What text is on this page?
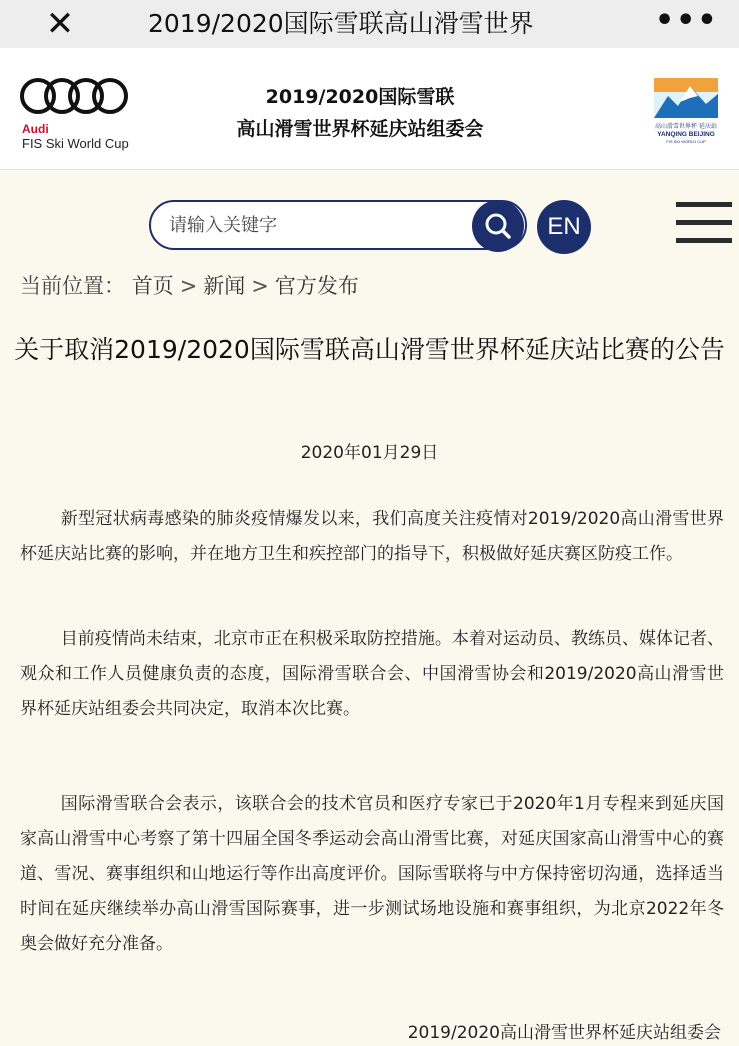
✕	2019/2020国际雪联高山滑雪世界	•••
Audi
FIS Ski World Cup
2019/2020国际雪联
高山滑雪世界杯延庆站组委会	高山滑雪世界杯 延庆站
YANQING BEIJING
FIS SKI WORLD CUP
请输入关键字
EN
当前位置： 首页 > 新闻 > 官方发布
关于取消2019/2020国际雪联高山滑雪世界杯延庆站比赛的公告
2020年01月29日

新型冠状病毒感染的肺炎疫情爆发以来，我们高度关注疫情对2019/2020高山滑雪世界杯延庆站比赛的影响，并在地方卫生和疾控部门的指导下，积极做好延庆赛区防疫工作。

目前疫情尚未结束，北京市正在积极采取防控措施。本着对运动员、教练员、媒体记者、观众和工作人员健康负责的态度，国际滑雪联合会、中国滑雪协会和2019/2020高山滑雪世界杯延庆站组委会共同决定，取消本次比赛。

国际滑雪联合会表示，该联合会的技术官员和医疗专家已于2020年1月专程来到延庆国家高山滑雪中心考察了第十四届全国冬季运动会高山滑雪比赛，对延庆国家高山滑雪中心的赛道、雪况、赛事组织和山地运行等作出高度评价。国际雪联将与中方保持密切沟通，选择适当时间在延庆继续举办高山滑雪国际赛事，进一步测试场地设施和赛事组织，为北京2022年冬奥会做好充分准备。

2019/2020高山滑雪世界杯延庆站组委会
